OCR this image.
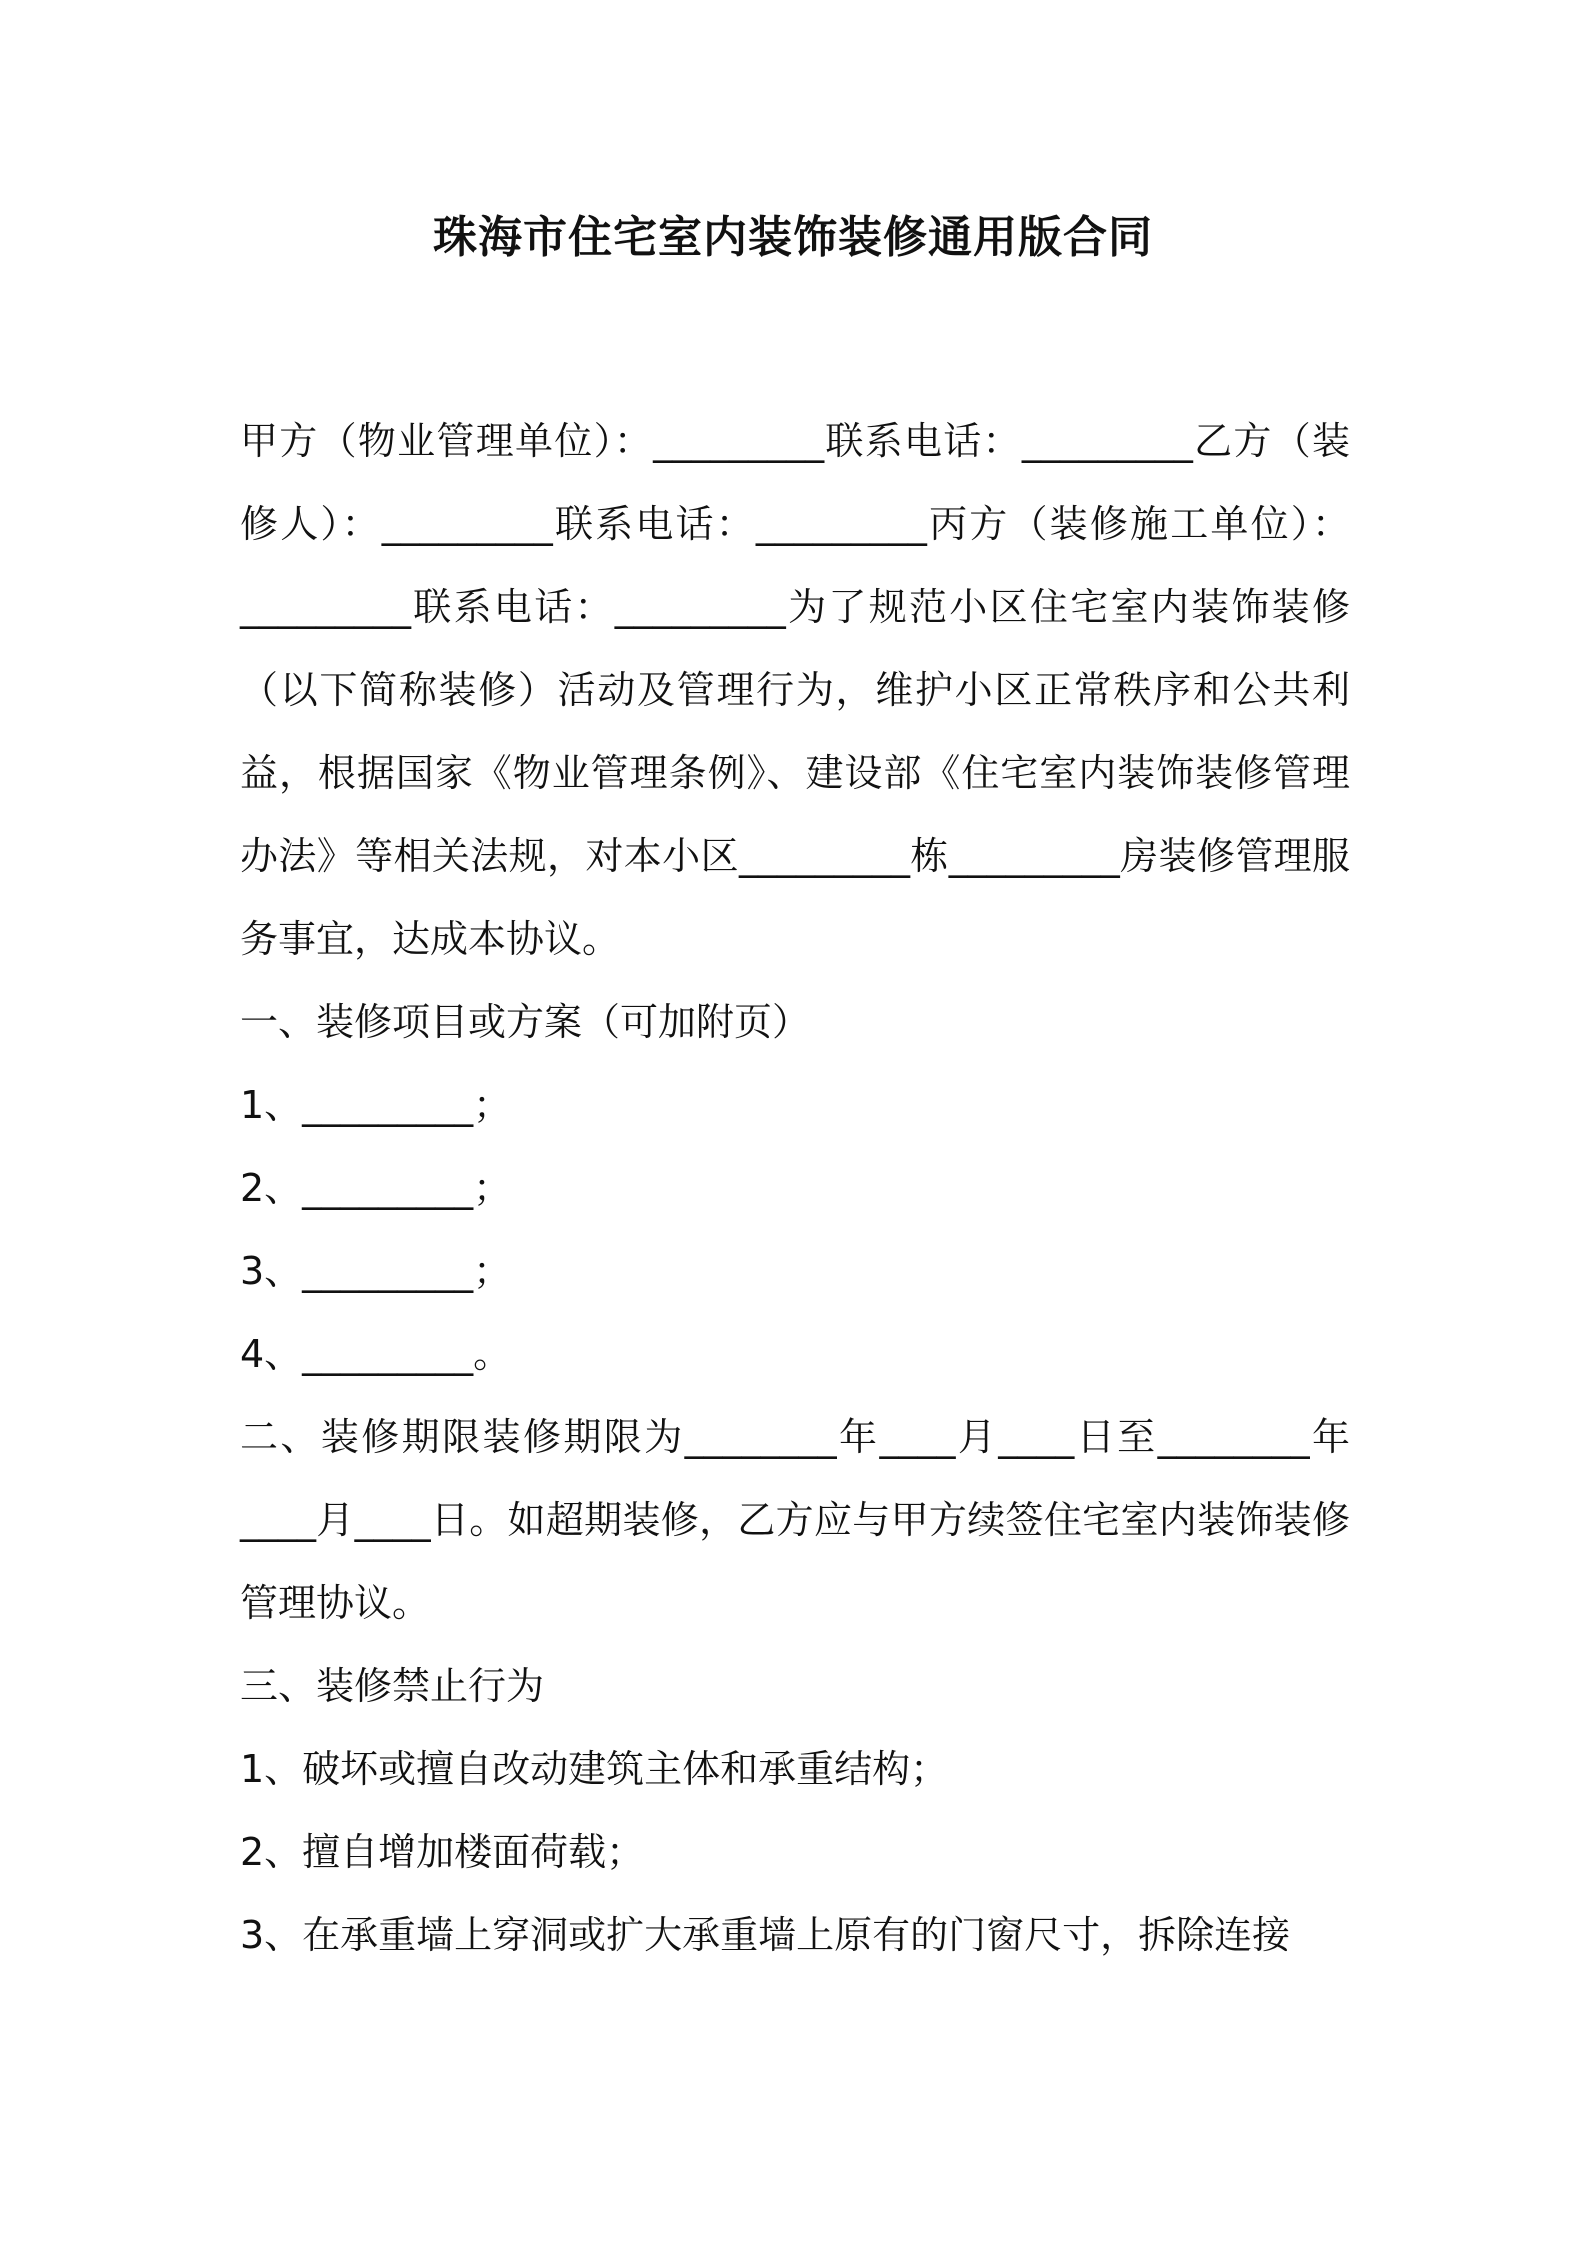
珠海市住宅室内装饰装修通用版合同

甲方（物业管理单位）：_________联系电话：_________乙方（装修人）：_________联系电话：_________丙方（装修施工单位）：_________联系电话：_________为了规范小区住宅室内装饰装修（以下简称装修）活动及管理行为，维护小区正常秩序和公共利益，根据国家《物业管理条例》、建设部《住宅室内装饰装修管理办法》等相关法规，对本小区_________栋_________房装修管理服务事宜，达成本协议。

一、装修项目或方案（可加附页）

1、_________；

2、_________；

3、_________；

4、_________。

二、装修期限装修期限为________年____月____日至________年____月____日。如超期装修，乙方应与甲方续签住宅室内装饰装修管理协议。

三、装修禁止行为

1、破坏或擅自改动建筑主体和承重结构；

2、擅自增加楼面荷载；

3、在承重墙上穿洞或扩大承重墙上原有的门窗尺寸，拆除连接
